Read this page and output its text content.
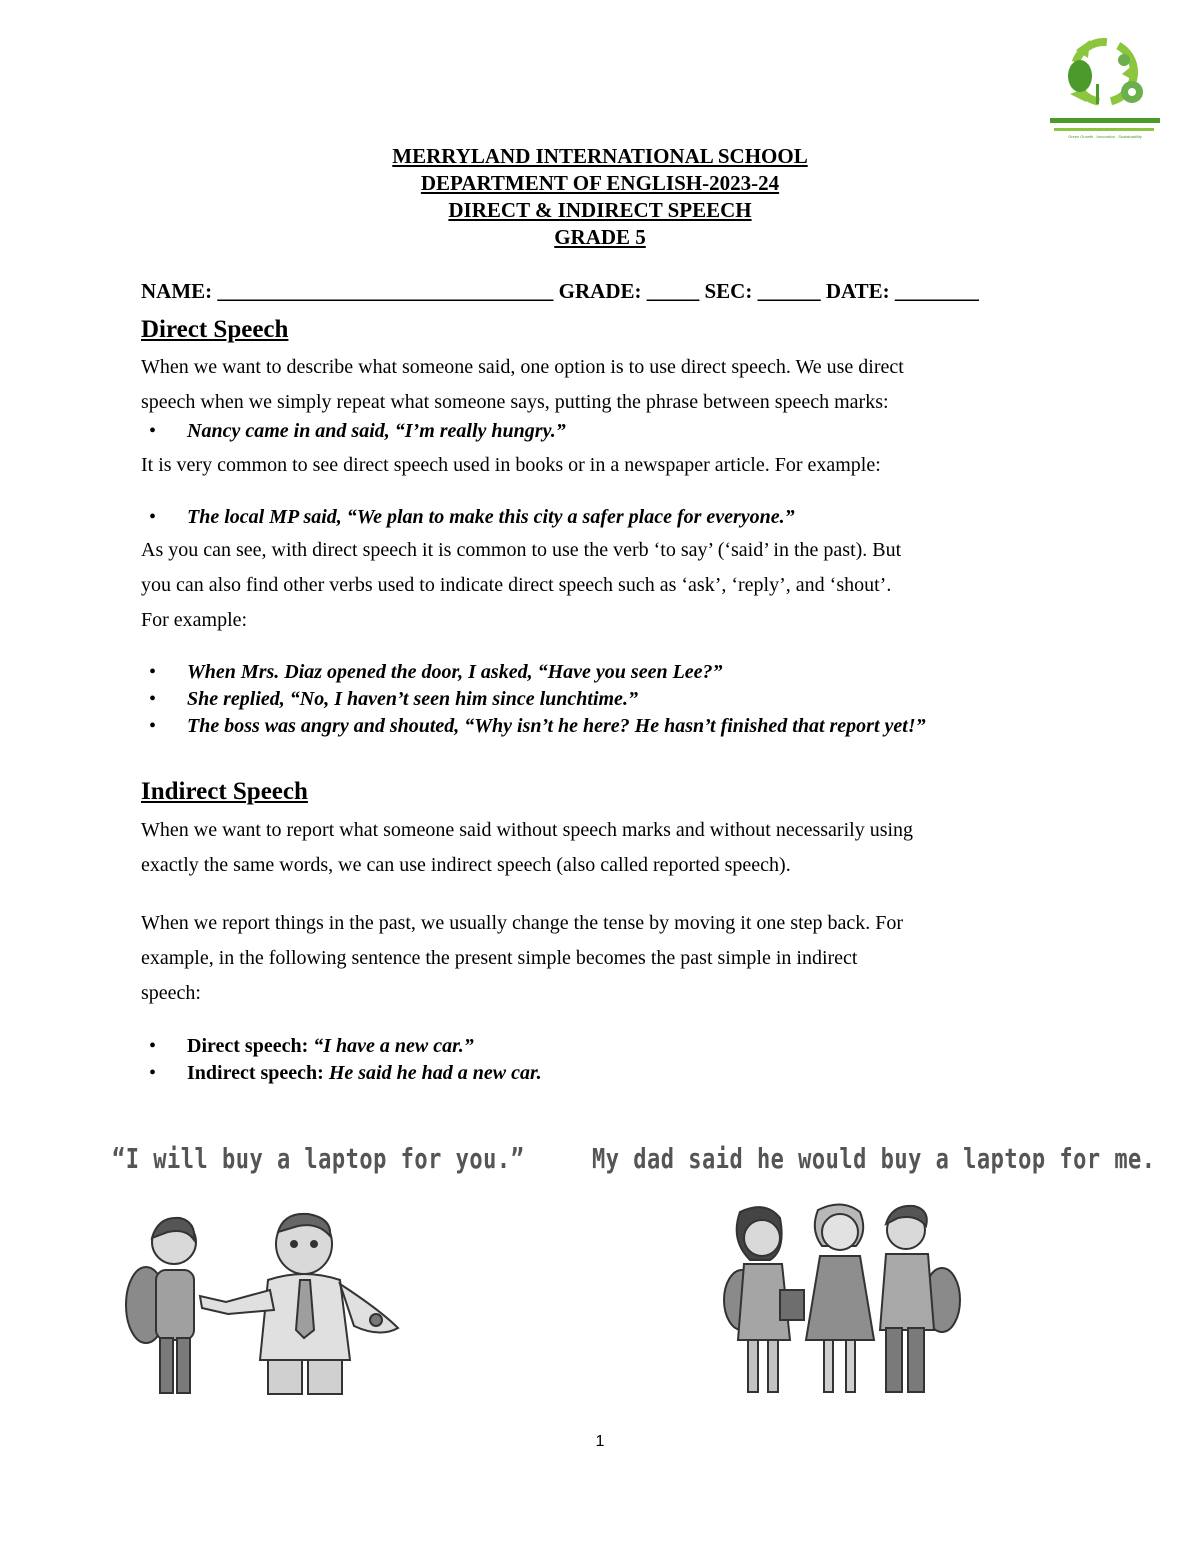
Green Growth . Innovation . Sustainability
MERRYLAND INTERNATIONAL SCHOOL
DEPARTMENT OF ENGLISH-2023-24
DIRECT & INDIRECT SPEECH
GRADE 5
NAME: ________________________________ GRADE: _____ SEC: ______ DATE: ________
Direct Speech
When we want to describe what someone said, one option is to use direct speech. We use direct
speech when we simply repeat what someone says, putting the phrase between speech marks:
• Nancy came in and said, “I’m really hungry.”
It is very common to see direct speech used in books or in a newspaper article. For example:
• The local MP said, “We plan to make this city a safer place for everyone.”
As you can see, with direct speech it is common to use the verb ‘to say’ (‘said’ in the past). But
you can also find other verbs used to indicate direct speech such as ‘ask’, ‘reply’, and ‘shout’.
For example:
• When Mrs. Diaz opened the door, I asked, “Have you seen Lee?”
• She replied, “No, I haven’t seen him since lunchtime.”
• The boss was angry and shouted, “Why isn’t he here? He hasn’t finished that report yet!”
Indirect Speech
When we want to report what someone said without speech marks and without necessarily using
exactly the same words, we can use indirect speech (also called reported speech).
When we report things in the past, we usually change the tense by moving it one step back. For
example, in the following sentence the present simple becomes the past simple in indirect
speech:
• Direct speech: “I have a new car.”
• Indirect speech: He said he had a new car.
“I will buy a laptop for you.”	My dad said he would buy a laptop for me.
1
